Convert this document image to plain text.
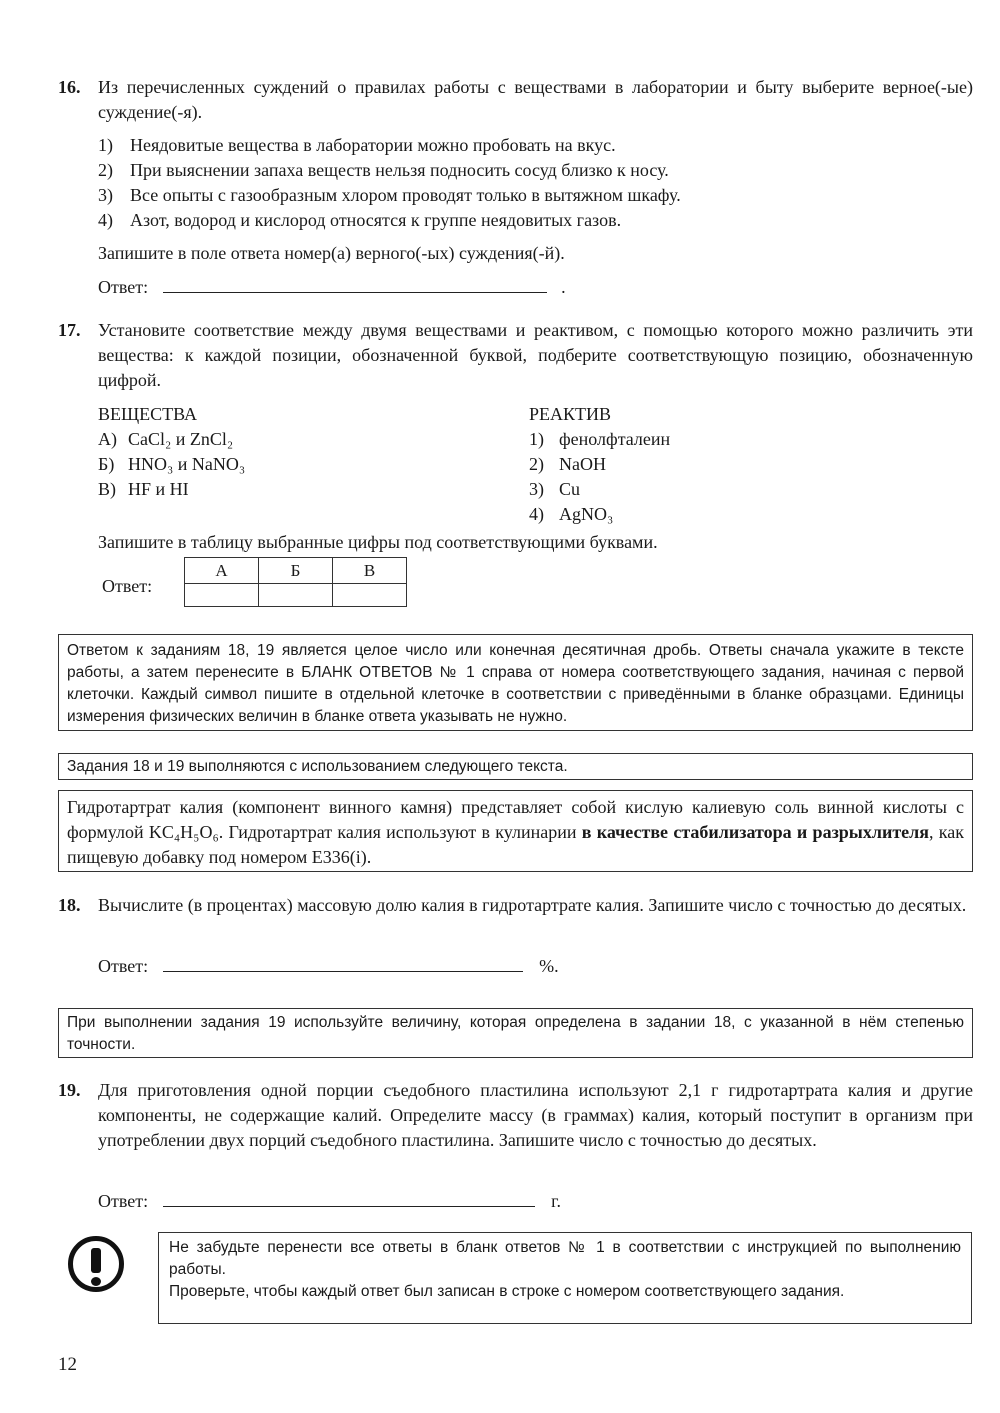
16. Из перечисленных суждений о правилах работы с веществами в лаборатории и быту выберите верное(-ые) суждение(-я).
1) Неядовитые вещества в лаборатории можно пробовать на вкус.
2) При выяснении запаха веществ нельзя подносить сосуд близко к носу.
3) Все опыты с газообразным хлором проводят только в вытяжном шкафу.
4) Азот, водород и кислород относятся к группе неядовитых газов.
Запишите в поле ответа номер(а) верного(-ых) суждения(-й).
Ответ:	.
17. Установите соответствие между двумя веществами и реактивом, с помощью которого можно различить эти вещества: к каждой позиции, обозначенной буквой, подберите соответствующую позицию, обозначенную цифрой.
ВЕЩЕСТВА
А) CaCl₂ и ZnCl₂
Б) HNO₃ и NaNO₃
В) HF и HI
РЕАКТИВ
1) фенолфталеин
2) NaOH
3) Cu
4) AgNO₃
Запишите в таблицу выбранные цифры под соответствующими буквами.
Ответ:
А	Б	В

Ответом к заданиям 18, 19 является целое число или конечная десятичная дробь. Ответы сначала укажите в тексте работы, а затем перенесите в БЛАНК ОТВЕТОВ № 1 справа от номера соответствующего задания, начиная с первой клеточки. Каждый символ пишите в отдельной клеточке в соответствии с приведёнными в бланке образцами. Единицы измерения физических величин в бланке ответа указывать не нужно.
Задания 18 и 19 выполняются с использованием следующего текста.
Гидротартрат калия (компонент винного камня) представляет собой кислую калиевую соль винной кислоты с формулой KC₄H₅O₆. Гидротартрат калия используют в кулинарии в качестве стабилизатора и разрыхлителя, как пищевую добавку под номером E336(i).
18. Вычислите (в процентах) массовую долю калия в гидротартрате калия. Запишите число с точностью до десятых.
Ответ:	%.
При выполнении задания 19 используйте величину, которая определена в задании 18, с указанной в нём степенью точности.
19. Для приготовления одной порции съедобного пластилина используют 2,1 г гидротартрата калия и другие компоненты, не содержащие калий. Определите массу (в граммах) калия, который поступит в организм при употреблении двух порций съедобного пластилина. Запишите число с точностью до десятых.
Ответ:	г.
Не забудьте перенести все ответы в бланк ответов № 1 в соответствии с инструкцией по выполнению работы.
Проверьте, чтобы каждый ответ был записан в строке с номером соответствующего задания.
12
